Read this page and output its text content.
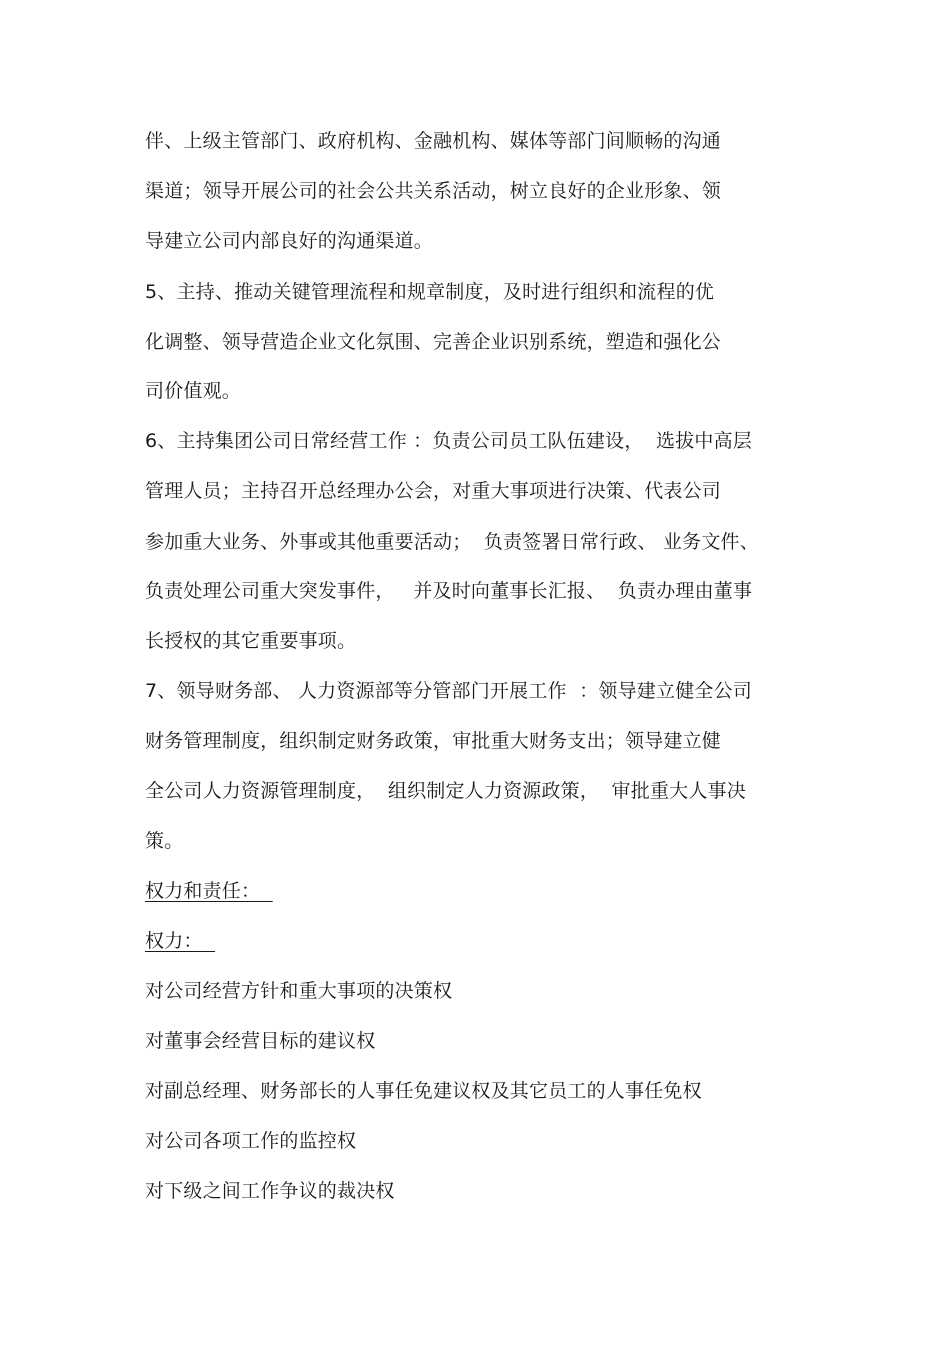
伴、上级主管部门、政府机构、金融机构、媒体等部门间顺畅的沟通
渠道；领导开展公司的社会公共关系活动，树立良好的企业形象、领
导建立公司内部良好的沟通渠道。
5、主持、推动关键管理流程和规章制度，及时进行组织和流程的优
化调整、领导营造企业文化氛围、完善企业识别系统，塑造和强化公
司价值观。
6、主持集团公司日常经营工作 ：负责公司员工队伍建设，  选拔中高层
管理人员；主持召开总经理办公会，对重大事项进行决策、代表公司
参加重大业务、外事或其他重要活动；  负责签署日常行政、 业务文件、
负责处理公司重大突发事件，   并及时向董事长汇报、  负责办理由董事
长授权的其它重要事项。
7、领导财务部、 人力资源部等分管部门开展工作  ：领导建立健全公司
财务管理制度，组织制定财务政策，审批重大财务支出；领导建立健
全公司人力资源管理制度，  组织制定人力资源政策，  审批重大人事决
策。
权力和责任：
权力：
对公司经营方针和重大事项的决策权
对董事会经营目标的建议权
对副总经理、财务部长的人事任免建议权及其它员工的人事任免权
对公司各项工作的监控权
对下级之间工作争议的裁决权
